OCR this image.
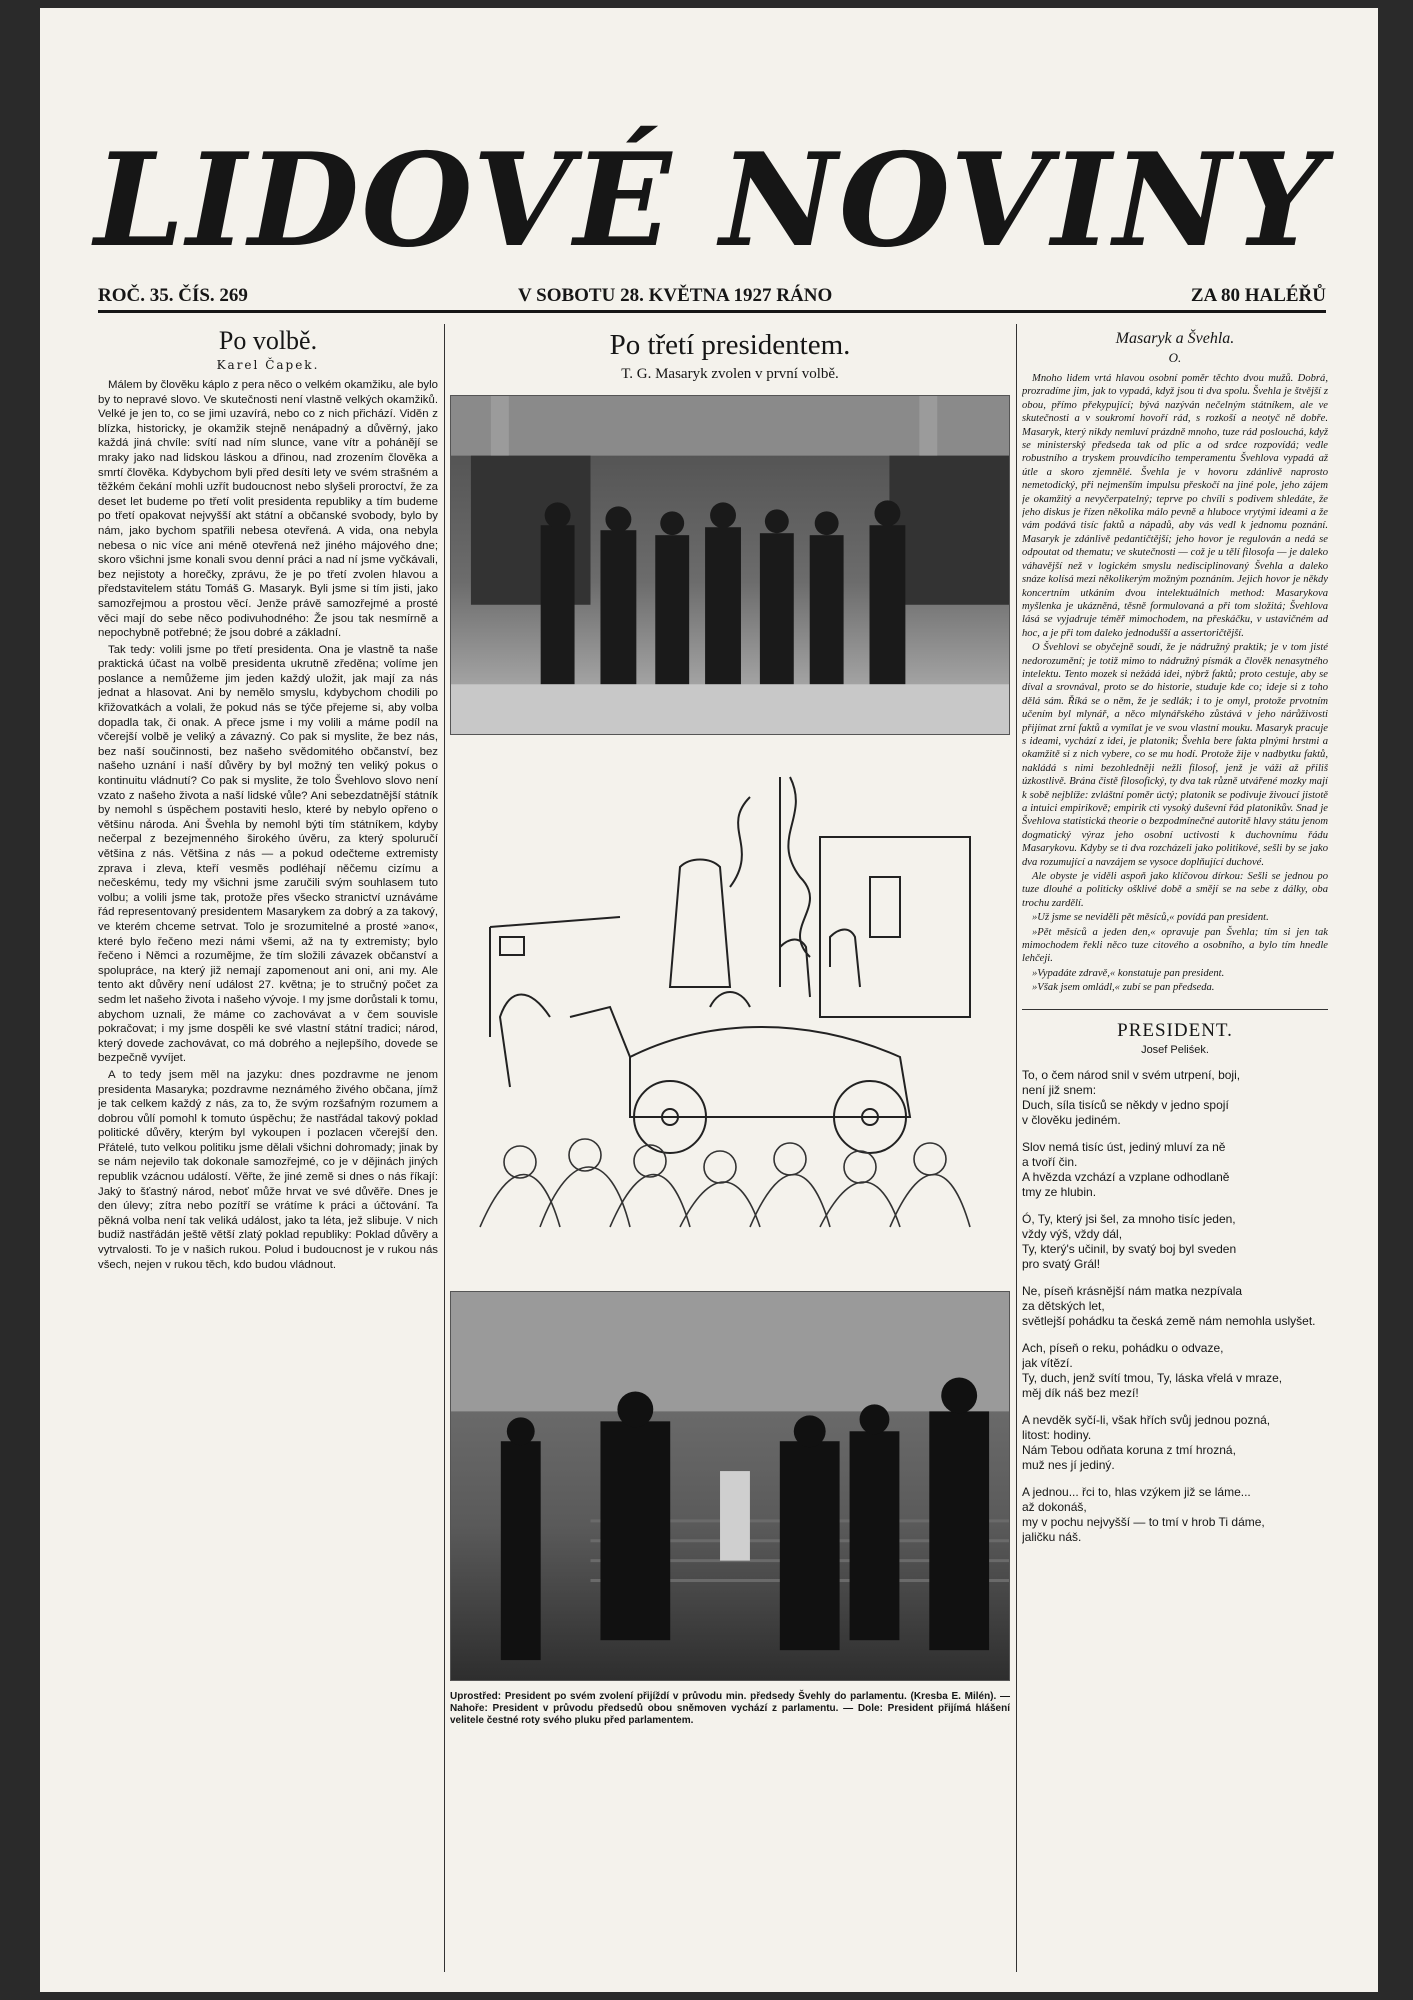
LIDOVÉ NOVINY
ROČ. 35. ČÍS. 269	V SOBOTU 28. KVĚTNA 1927 RÁNO	ZA 80 HALÉŘŮ
Po volbě.
Karel Čapek.

Málem by člověku káplo z pera něco o velkém okamžiku, ale bylo by to nepravé slovo. Ve skutečnosti není vlastně velkých okamžiků. Velké je jen to, co se jimi uzavírá, nebo co z nich přichází. Viděn z blízka, historicky, je okamžik stejně nenápadný a důvěrný, jako každá jiná chvíle: svítí nad ním slunce, vane vítr a pohánějí se mraky jako nad lidskou láskou a dřinou, nad zrozením člověka a smrtí člověka. Kdybychom byli před desíti lety ve svém strašném a těžkém čekání mohli uzřít budoucnost nebo slyšeli proroctví, že za deset let budeme po třetí volit presidenta republiky a tím budeme po třetí opakovat nejvyšší akt státní a občanské svobody, bylo by nám, jako bychom spatřili nebesa otevřená. A vida, ona nebyla nebesa o nic více ani méně otevřená než jiného májového dne; skoro všichni jsme konali svou denní práci a nad ní jsme vyčkávali, bez nejistoty a horečky, zprávu, že je po třetí zvolen hlavou a představitelem státu Tomáš G. Masaryk. Byli jsme si tím jisti, jako samozřejmou a prostou věcí. Jenže právě samozřejmé a prosté věci mají do sebe něco podivuhodného: Že jsou tak nesmírně a nepochybně potřebné; že jsou dobré a základní.

Tak tedy: volili jsme po třetí presidenta. Ona je vlastně ta naše praktická účast na volbě presidenta ukrutně zředěna; volíme jen poslance a nemůžeme jim jeden každý uložit, jak mají za nás jednat a hlasovat. Ani by nemělo smyslu, kdybychom chodili po křižovatkách a volali, že pokud nás se týče přejeme si, aby volba dopadla tak, či onak. A přece jsme i my volili a máme podíl na včerejší volbě je veliký a závazný. Co pak si myslite, že bez nás, bez naší součinnosti, bez našeho svědomitého občanství, bez našeho uznání i naší důvěry by byl možný ten veliký pokus o kontinuitu vládnutí? Co pak si myslite, že tolo Švehlovo slovo není vzato z našeho života a naší lidské vůle? Ani sebezdatnější státník by nemohl s úspěchem postaviti heslo, které by nebylo opřeno o většinu národa. Ani Švehla by nemohl býti tím státníkem, kdyby nečerpal z bezejmenného širokého úvěru, za který spoluručí většina z nás. Většina z nás — a pokud odečteme extremisty zprava i zleva, kteří vesměs podléhají něčemu cizímu a nečeskému, tedy my všichni jsme zaručili svým souhlasem tuto volbu; a volili jsme tak, protože přes všecko stranictví uznáváme řád representovaný presidentem Masarykem za dobrý a za takový, ve kterém chceme setrvat. Tolo je srozumitelné a prosté »ano«, které bylo řečeno mezi námi všemi, až na ty extremisty; bylo řečeno i Němci a rozumějme, že tím složili závazek občanství a spolupráce, na který již nemají zapomenout ani oni, ani my. Ale tento akt důvěry není událost 27. května; je to stručný počet za sedm let našeho života i našeho vývoje. I my jsme dorůstali k tomu, abychom uznali, že máme co zachovávat a v čem souvisle pokračovat; i my jsme dospěli ke své vlastní státní tradici; národ, který dovede zachovávat, co má dobrého a nejlepšího, dovede se bezpečně vyvíjet.

A to tedy jsem měl na jazyku: dnes pozdravme ne jenom presidenta Masaryka; pozdravme neznámého živého občana, jímž je tak celkem každý z nás, za to, že svým rozšafným rozumem a dobrou vůlí pomohl k tomuto úspěchu; že nastřádal takový poklad politické důvěry, kterým byl vykoupen i pozlacen včerejší den. Přátelé, tuto velkou politiku jsme dělali všichni dohromady; jinak by se nám nejevilo tak dokonale samozřejmé, co je v dějinách jiných republik vzácnou událostí. Věřte, že jiné země si dnes o nás říkají: Jaký to šťastný národ, neboť může hrvat ve své důvěře. Dnes je den úlevy; zítra nebo pozítří se vrátíme k práci a účtování. Ta pěkná volba není tak veliká událost, jako ta léta, jež slibuje. V nich budiž nastřádán ještě větší zlatý poklad republiky: Poklad důvěry a vytrvalosti. To je v našich rukou. Polud i budoucnost je v rukou nás všech, nejen v rukou těch, kdo budou vládnout.

Po třetí presidentem.
T. G. Masaryk zvolen v první volbě.
Uprostřed: President po svém zvolení přijíždí v průvodu min. předsedy Švehly do parlamentu. (Kresba E. Milén). — Nahoře: President v průvodu předsedů obou sněmoven vychází z parlamentu. — Dole: President přijímá hlášení velitele čestné roty svého pluku před parlamentem.
Masaryk a Švehla.
O.

Mnoho lidem vrtá hlavou osobní poměr těchto dvou mužů. Dobrá, prozradíme jim, jak to vypadá, když jsou ti dva spolu. Švehla je štvější z obou, přímo překypující; bývá nazýván nečelným státníkem, ale ve skutečnosti a v soukromí hovoří rád, s rozkoší a neotyč ně dobře. Masaryk, který nikdy nemluví prázdně mnoho, tuze rád poslouchá, když se ministerský předseda tak od plic a od srdce rozpovídá; vedle robustního a tryskem prouvdícího temperamentu Švehlova vypadá až útle a skoro zjemnělé. Švehla je v hovoru zdánlivě naprosto nemetodický, při nejmenším impulsu přeskočí na jiné pole, jeho zájem je okamžitý a nevyčerpatelný; teprve po chvíli s podivem shledáte, že jeho diskus je řízen několika málo pevně a hluboce vrytými ideami a že vám podává tisíc faktů a nápadů, aby vás vedl k jednomu poznání. Masaryk je zdánlivě pedantičtější; jeho hovor je regulován a nedá se odpoutat od thematu; ve skutečnosti — což je u tělí filosofa — je daleko váhavější než v logickém smyslu nedisciplinovaný Švehla a daleko snáze kolísá mezi několikerým možným poznáním. Jejich hovor je někdy koncertním utkáním dvou intelektuálních method: Masarykova myšlenka je ukázněná, těsně formulovaná a při tom složitá; Švehlova lásá se vyjadruje téměř mimochodem, na přeskáčku, v ustavičném ad hoc, a je při tom daleko jednodušší a assertoričtější.

O Švehlovi se obyčejně soudí, že je nádružný praktik; je v tom jisté nedorozumění; je totiž mimo to nádružný písmák a člověk nenasytného intelektu. Tento mozek si nežádá idei, nýbrž faktů; proto cestuje, aby se díval a srovnával, proto se do historie, studuje kde co; ideje si z toho dělá sám. Říká se o něm, že je sedlák; i to je omyl, protože prvotním učením byl mlynář, a něco mlynářského zůstává v jeho nárůživosti přijímat zrní faktů a vymílat je ve svou vlastní mouku. Masaryk pracuje s ideami, vychází z idei, je platonik; Švehla bere fakta plnými hrstmi a okamžitě si z nich vybere, co se mu hodí. Protože žije v nadbytku faktů, nakládá s nimi bezohledněji nežli filosof, jenž je váži až přiliš úzkostlivě. Brána čistě filosofický, ty dva tak různě utvářené mozky mají k sobě nejblíže: zvláštní poměr úctý; platonik se podivuje živoucí jistotě a intuici empirikově; empirik cti vysoký duševní řád platonikův. Snad je Švehlova statistická theorie o bezpodmínečné autoritě hlavy státu jenom dogmatický výraz jeho osobní uctivosti k duchovnímu řádu Masarykovu. Kdyby se ti dva rozcházeli jako politikové, sešli by se jako dva rozumující a navzájem se vysoce doplňující duchové.

Ale obyste je viděli aspoň jako klíčovou dírkou: Sešli se jednou po tuze dlouhé a politicky ošklivé době a smějí se na sebe z dálky, oba trochu zardělí.

»Už jsme se neviděli pět měsíců,« povídá pan president.

»Pět měsíců a jeden den,« opravuje pan Švehla; tím si jen tak mimochodem řekli něco tuze citového a osobního, a bylo tím hnedle lehčeji.

»Vypadáte zdravě,« konstatuje pan president.

»Však jsem omládl,« zubí se pan předseda.

PRESIDENT.
Josef Peliśek.
To, o čem národ snil v svém utrpení, boji,
není již snem:
Duch, síla tisíců se někdy v jedno spojí
v člověku jediném.
Slov nemá tisíc úst, jediný mluví za ně
a tvoří čin.
A hvězda vzchází a vzplane odhodlaně
tmy ze hlubin.
Ó, Ty, který jsi šel, za mnoho tisíc jeden,
vždy výš, vždy dál,
Ty, který's učinil, by svatý boj byl sveden
pro svatý Grál!
Ne, píseň krásnější nám matka nezpívala
za dětských let,
světlejší pohádku ta česká země nám nemohla uslyšet.
Ach, píseň o reku, pohádku o odvaze,
jak vítězí.
Ty, duch, jenž svítí tmou, Ty, láska vřelá v mraze,
měj dík náš bez mezí!
A nevděk syčí-li, však hřích svůj jednou pozná,
litost: hodiny.
Nám Tebou odňata koruna z tmí hrozná,
muž nes jí jediný.
A jednou... řci to, hlas vzýkem již se láme...
až dokonáš,
my v pochu nejvyšší — to tmí v hrob Ti dáme,
jaličku náš.
